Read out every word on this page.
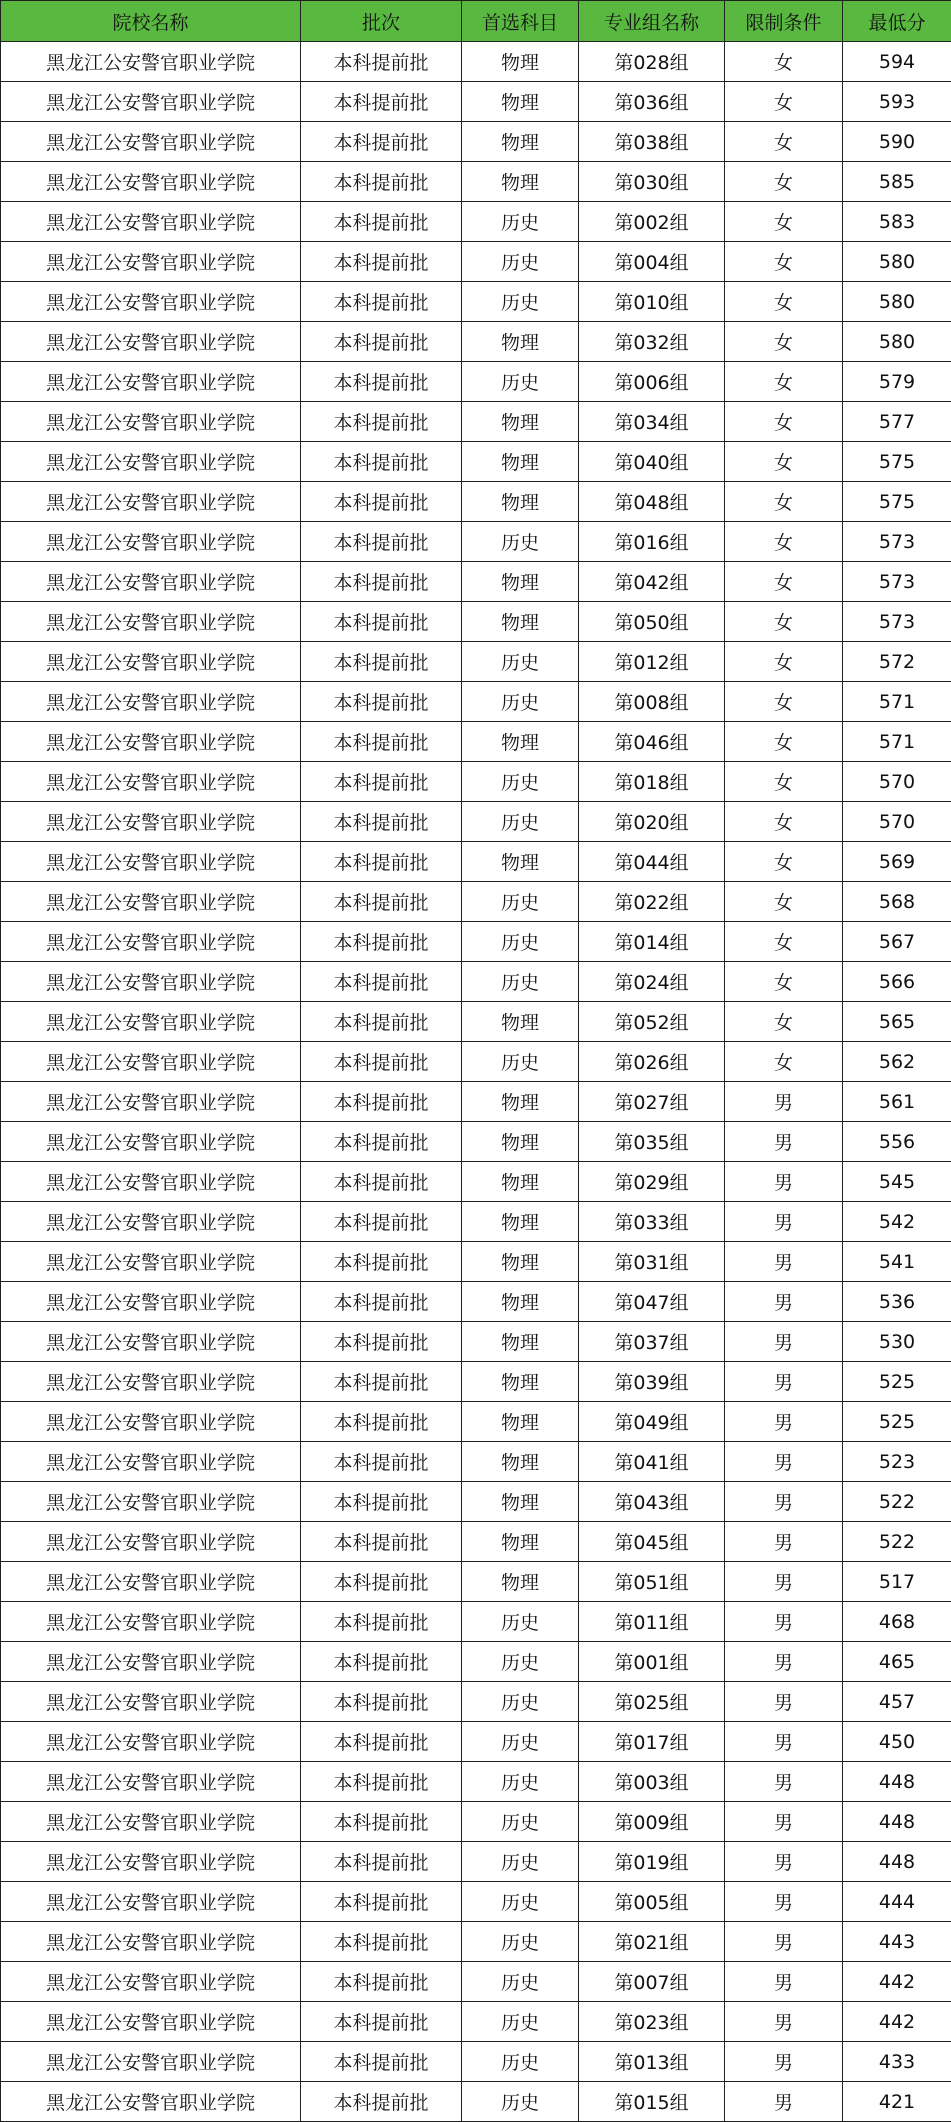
院校名称	批次	首选科目	专业组名称	限制条件	最低分
黑龙江公安警官职业学院	本科提前批	物理	第028组	女	594
黑龙江公安警官职业学院	本科提前批	物理	第036组	女	593
黑龙江公安警官职业学院	本科提前批	物理	第038组	女	590
黑龙江公安警官职业学院	本科提前批	物理	第030组	女	585
黑龙江公安警官职业学院	本科提前批	历史	第002组	女	583
黑龙江公安警官职业学院	本科提前批	历史	第004组	女	580
黑龙江公安警官职业学院	本科提前批	历史	第010组	女	580
黑龙江公安警官职业学院	本科提前批	物理	第032组	女	580
黑龙江公安警官职业学院	本科提前批	历史	第006组	女	579
黑龙江公安警官职业学院	本科提前批	物理	第034组	女	577
黑龙江公安警官职业学院	本科提前批	物理	第040组	女	575
黑龙江公安警官职业学院	本科提前批	物理	第048组	女	575
黑龙江公安警官职业学院	本科提前批	历史	第016组	女	573
黑龙江公安警官职业学院	本科提前批	物理	第042组	女	573
黑龙江公安警官职业学院	本科提前批	物理	第050组	女	573
黑龙江公安警官职业学院	本科提前批	历史	第012组	女	572
黑龙江公安警官职业学院	本科提前批	历史	第008组	女	571
黑龙江公安警官职业学院	本科提前批	物理	第046组	女	571
黑龙江公安警官职业学院	本科提前批	历史	第018组	女	570
黑龙江公安警官职业学院	本科提前批	历史	第020组	女	570
黑龙江公安警官职业学院	本科提前批	物理	第044组	女	569
黑龙江公安警官职业学院	本科提前批	历史	第022组	女	568
黑龙江公安警官职业学院	本科提前批	历史	第014组	女	567
黑龙江公安警官职业学院	本科提前批	历史	第024组	女	566
黑龙江公安警官职业学院	本科提前批	物理	第052组	女	565
黑龙江公安警官职业学院	本科提前批	历史	第026组	女	562
黑龙江公安警官职业学院	本科提前批	物理	第027组	男	561
黑龙江公安警官职业学院	本科提前批	物理	第035组	男	556
黑龙江公安警官职业学院	本科提前批	物理	第029组	男	545
黑龙江公安警官职业学院	本科提前批	物理	第033组	男	542
黑龙江公安警官职业学院	本科提前批	物理	第031组	男	541
黑龙江公安警官职业学院	本科提前批	物理	第047组	男	536
黑龙江公安警官职业学院	本科提前批	物理	第037组	男	530
黑龙江公安警官职业学院	本科提前批	物理	第039组	男	525
黑龙江公安警官职业学院	本科提前批	物理	第049组	男	525
黑龙江公安警官职业学院	本科提前批	物理	第041组	男	523
黑龙江公安警官职业学院	本科提前批	物理	第043组	男	522
黑龙江公安警官职业学院	本科提前批	物理	第045组	男	522
黑龙江公安警官职业学院	本科提前批	物理	第051组	男	517
黑龙江公安警官职业学院	本科提前批	历史	第011组	男	468
黑龙江公安警官职业学院	本科提前批	历史	第001组	男	465
黑龙江公安警官职业学院	本科提前批	历史	第025组	男	457
黑龙江公安警官职业学院	本科提前批	历史	第017组	男	450
黑龙江公安警官职业学院	本科提前批	历史	第003组	男	448
黑龙江公安警官职业学院	本科提前批	历史	第009组	男	448
黑龙江公安警官职业学院	本科提前批	历史	第019组	男	448
黑龙江公安警官职业学院	本科提前批	历史	第005组	男	444
黑龙江公安警官职业学院	本科提前批	历史	第021组	男	443
黑龙江公安警官职业学院	本科提前批	历史	第007组	男	442
黑龙江公安警官职业学院	本科提前批	历史	第023组	男	442
黑龙江公安警官职业学院	本科提前批	历史	第013组	男	433
黑龙江公安警官职业学院	本科提前批	历史	第015组	男	421
